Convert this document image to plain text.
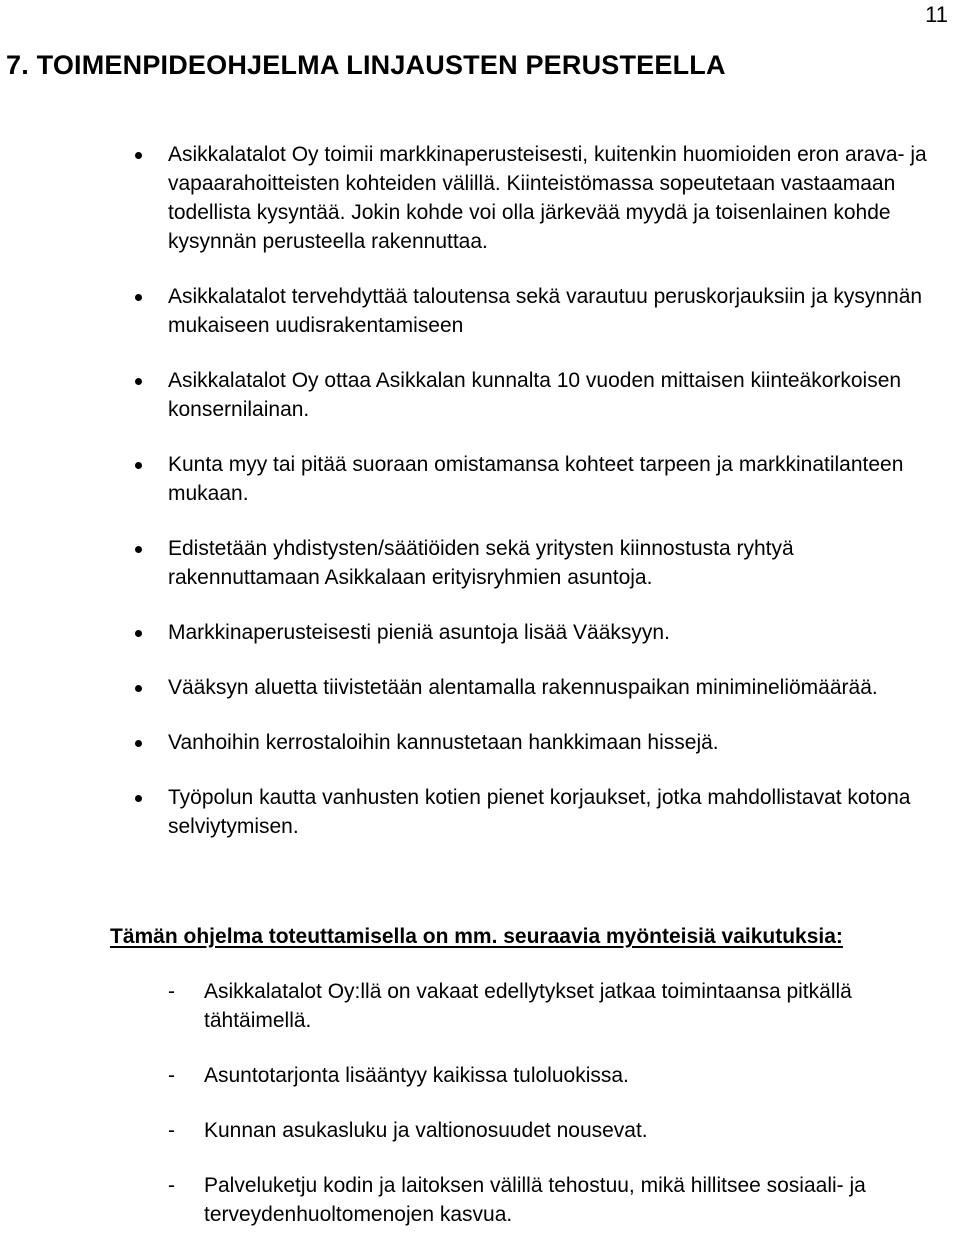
11
7. TOIMENPIDEOHJELMA LINJAUSTEN PERUSTEELLA
Asikkalatalot Oy toimii markkinaperusteisesti, kuitenkin huomioiden eron arava- ja vapaarahoitteisten kohteiden välillä. Kiinteistömassa sopeutetaan vastaamaan todellista kysyntää. Jokin kohde voi olla järkevää myydä ja toisenlainen kohde kysynnän perusteella rakennuttaa.
Asikkalatalot tervehdyttää taloutensa sekä varautuu peruskorjauksiin ja kysynnän mukaiseen uudisrakentamiseen
Asikkalatalot Oy ottaa Asikkalan kunnalta 10 vuoden mittaisen kiinteäkorkoisen konsernilainan.
Kunta myy tai pitää suoraan omistamansa kohteet tarpeen ja markkinatilanteen mukaan.
Edistetään yhdistysten/säätiöiden sekä yritysten kiinnostusta ryhtyä rakennuttamaan Asikkalaan erityisryhmien asuntoja.
Markkinaperusteisesti pieniä asuntoja lisää Vääksyyn.
Vääksyn aluetta tiivistetään alentamalla rakennuspaikan minimineliömäärää.
Vanhoihin kerrostaloihin kannustetaan hankkimaan hissejä.
Työpolun kautta vanhusten kotien pienet korjaukset, jotka mahdollistavat kotona selviytymisen.
Tämän ohjelma toteuttamisella on mm. seuraavia myönteisiä vaikutuksia:
- Asikkalatalot Oy:llä on vakaat edellytykset jatkaa toimintaansa pitkällä tähtäimellä.
- Asuntotarjonta lisääntyy kaikissa tuloluokissa.
- Kunnan asukasluku ja valtionosuudet nousevat.
- Palveluketju kodin ja laitoksen välillä tehostuu, mikä hillitsee sosiaali- ja terveydenhuoltomenojen kasvua.
